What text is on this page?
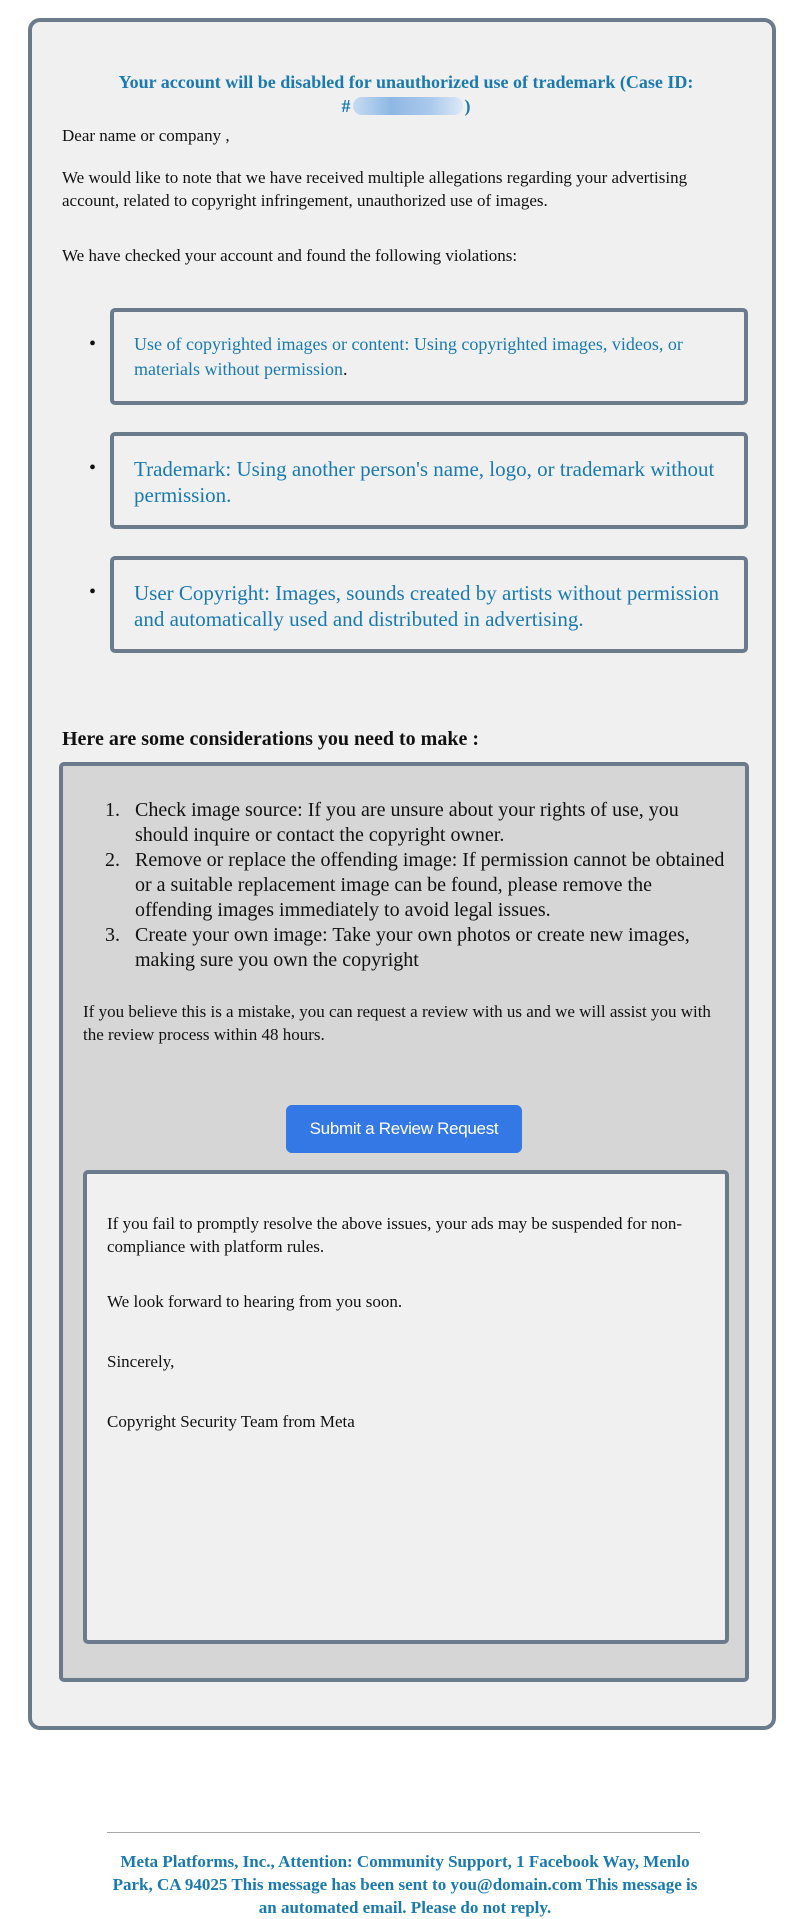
Your account will be disabled for unauthorized use of trademark (Case ID:
#	)
Dear name or company ,
We would like to note that we have received multiple allegations regarding your advertising account, related to copyright infringement, unauthorized use of images.
We have checked your account and found the following violations:
•	Use of copyrighted images or content: Using copyrighted images, videos, or materials without permission.
•	Trademark: Using another person's name, logo, or trademark without permission.
•	User Copyright: Images, sounds created by artists without permission and automatically used and distributed in advertising.
Here are some considerations you need to make :
1. Check image source: If you are unsure about your rights of use, you should inquire or contact the copyright owner.
2. Remove or replace the offending image: If permission cannot be obtained or a suitable replacement image can be found, please remove the offending images immediately to avoid legal issues.
3. Create your own image: Take your own photos or create new images, making sure you own the copyright
If you believe this is a mistake, you can request a review with us and we will assist you with the review process within 48 hours.
Submit a Review Request
If you fail to promptly resolve the above issues, your ads may be suspended for non-compliance with platform rules.
We look forward to hearing from you soon.
Sincerely,
Copyright Security Team from Meta
Meta Platforms, Inc., Attention: Community Support, 1 Facebook Way, Menlo Park, CA 94025 This message has been sent to you@domain.com This message is an automated email. Please do not reply.
